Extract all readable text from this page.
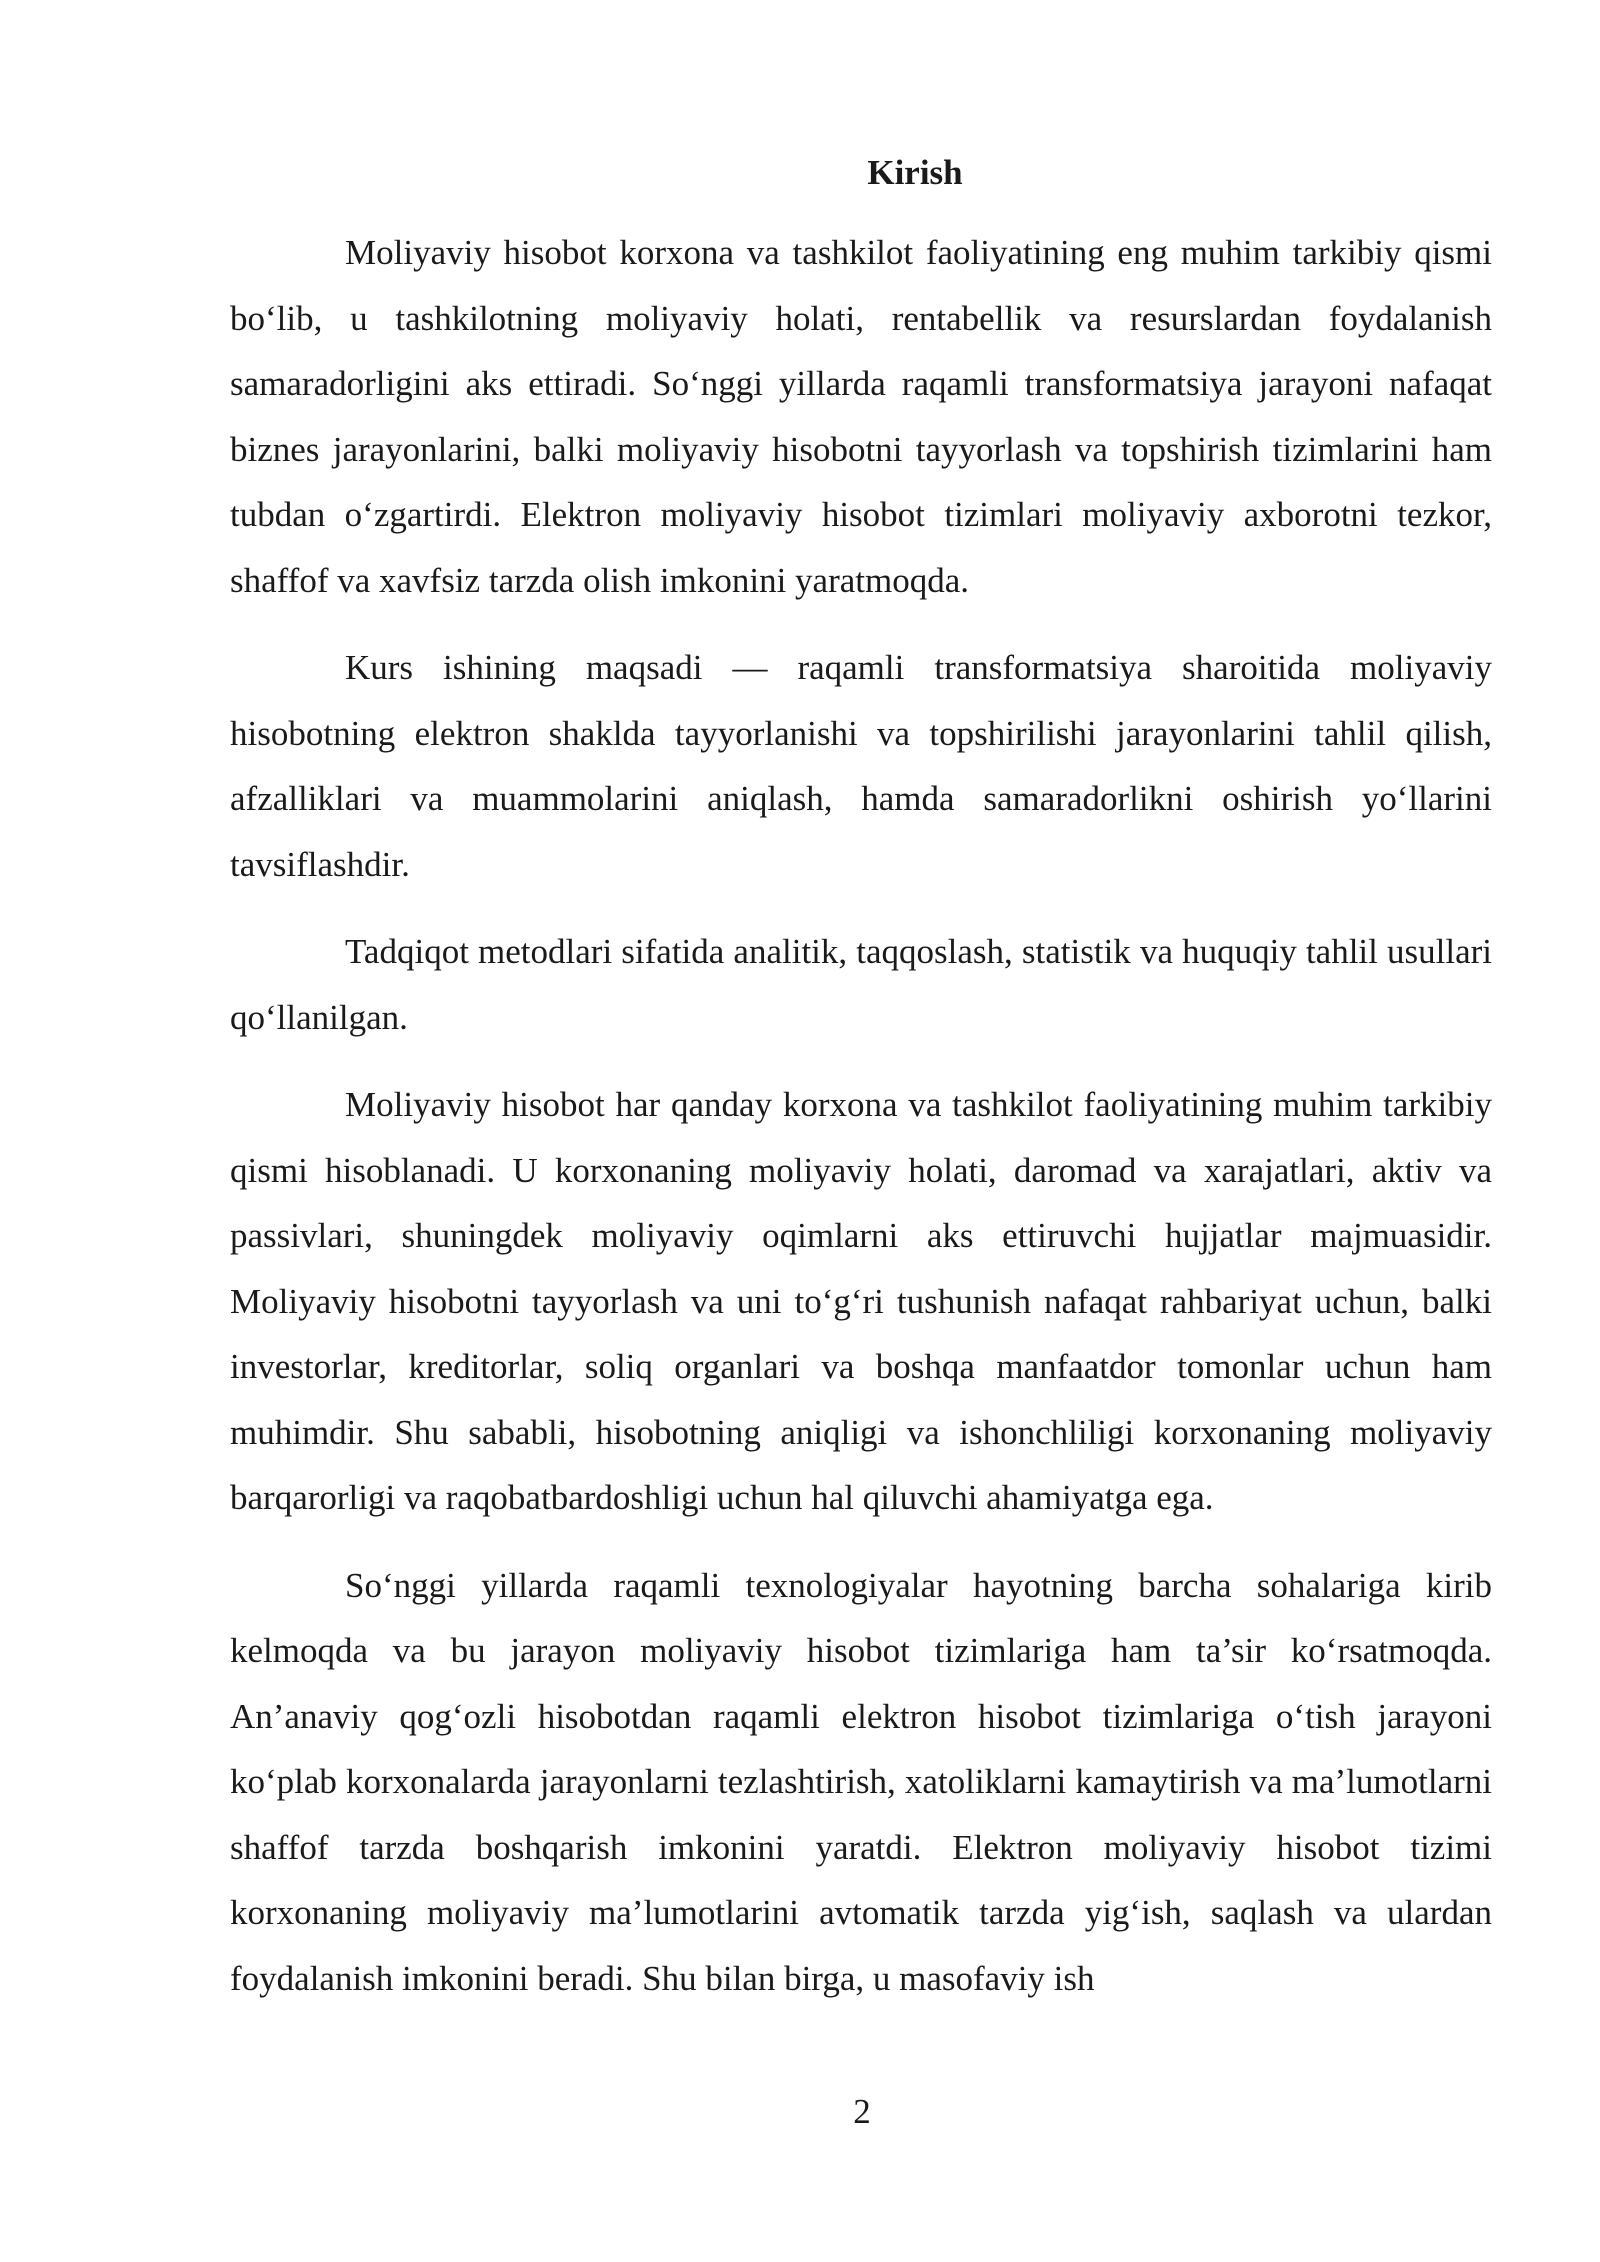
Kirish

Moliyaviy hisobot korxona va tashkilot faoliyatining eng muhim tarkibiy qismi bo‘lib, u tashkilotning moliyaviy holati, rentabellik va resurslardan foydalanish samaradorligini aks ettiradi. So‘nggi yillarda raqamli transformatsiya jarayoni nafaqat biznes jarayonlarini, balki moliyaviy hisobotni tayyorlash va topshirish tizimlarini ham tubdan o‘zgartirdi. Elektron moliyaviy hisobot tizimlari moliyaviy axborotni tezkor, shaffof va xavfsiz tarzda olish imkonini yaratmoqda.

Kurs ishining maqsadi — raqamli transformatsiya sharoitida moliyaviy hisobotning elektron shaklda tayyorlanishi va topshirilishi jarayonlarini tahlil qilish, afzalliklari va muammolarini aniqlash, hamda samaradorlikni oshirish yo‘llarini tavsiflashdir.

Tadqiqot metodlari sifatida analitik, taqqoslash, statistik va huquqiy tahlil usullari qo‘llanilgan.

Moliyaviy hisobot har qanday korxona va tashkilot faoliyatining muhim tarkibiy qismi hisoblanadi. U korxonaning moliyaviy holati, daromad va xarajatlari, aktiv va passivlari, shuningdek moliyaviy oqimlarni aks ettiruvchi hujjatlar majmuasidir. Moliyaviy hisobotni tayyorlash va uni to‘g‘ri tushunish nafaqat rahbariyat uchun, balki investorlar, kreditorlar, soliq organlari va boshqa manfaatdor tomonlar uchun ham muhimdir. Shu sababli, hisobotning aniqligi va ishonchliligi korxonaning moliyaviy barqarorligi va raqobatbardoshligi uchun hal qiluvchi ahamiyatga ega.

So‘nggi yillarda raqamli texnologiyalar hayotning barcha sohalariga kirib kelmoqda va bu jarayon moliyaviy hisobot tizimlariga ham ta’sir ko‘rsatmoqda. An’anaviy qog‘ozli hisobotdan raqamli elektron hisobot tizimlariga o‘tish jarayoni ko‘plab korxonalarda jarayonlarni tezlashtirish, xatoliklarni kamaytirish va ma’lumotlarni shaffof tarzda boshqarish imkonini yaratdi. Elektron moliyaviy hisobot tizimi korxonaning moliyaviy ma’lumotlarini avtomatik tarzda yig‘ish, saqlash va ulardan foydalanish imkonini beradi. Shu bilan birga, u masofaviy ish

2
